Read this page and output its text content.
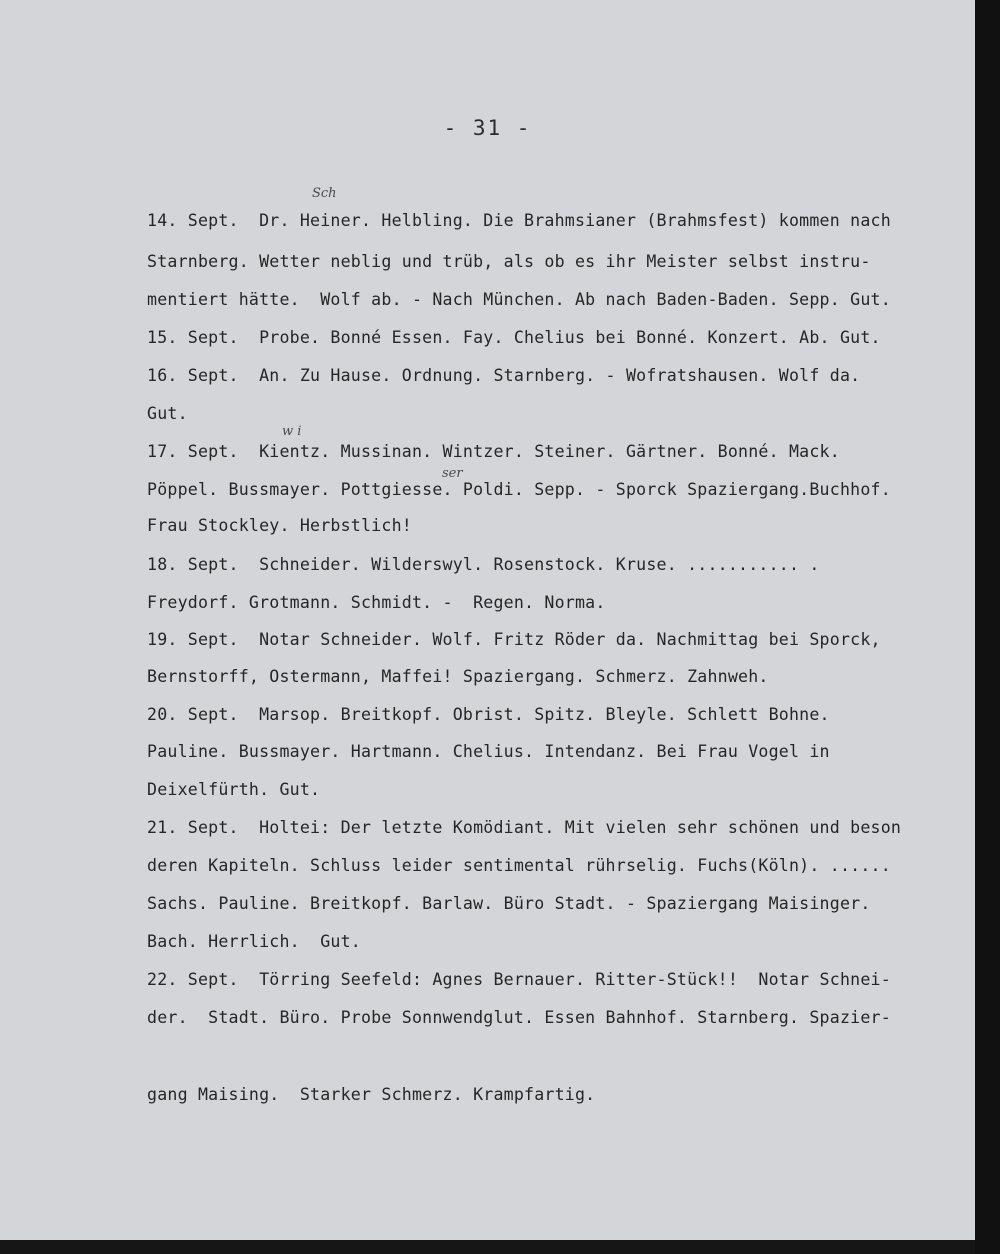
- 31 -
Sch
w i
ser
14. Sept.  Dr. Heiner. Helbling. Die Brahmsianer (Brahmsfest) kommen nach
Starnberg. Wetter neblig und trüb, als ob es ihr Meister selbst instru-
mentiert hätte.  Wolf ab. - Nach München. Ab nach Baden-Baden. Sepp. Gut.
15. Sept.  Probe. Bonné Essen. Fay. Chelius bei Bonné. Konzert. Ab. Gut.
16. Sept.  An. Zu Hause. Ordnung. Starnberg. - Wofratshausen. Wolf da.
Gut.
17. Sept.  Kientz. Mussinan. Wintzer. Steiner. Gärtner. Bonné. Mack.
Pöppel. Bussmayer. Pottgiesse. Poldi. Sepp. - Sporck Spaziergang.Buchhof.
Frau Stockley. Herbstlich!
18. Sept.  Schneider. Wilderswyl. Rosenstock. Kruse. ........... .
Freydorf. Grotmann. Schmidt. -  Regen. Norma.
19. Sept.  Notar Schneider. Wolf. Fritz Röder da. Nachmittag bei Sporck,
Bernstorff, Ostermann, Maffei! Spaziergang. Schmerz. Zahnweh.
20. Sept.  Marsop. Breitkopf. Obrist. Spitz. Bleyle. Schlett Bohne.
Pauline. Bussmayer. Hartmann. Chelius. Intendanz. Bei Frau Vogel in
Deixelfürth. Gut.
21. Sept.  Holtei: Der letzte Komödiant. Mit vielen sehr schönen und beson
deren Kapiteln. Schluss leider sentimental rührselig. Fuchs(Köln). ......
Sachs. Pauline. Breitkopf. Barlaw. Büro Stadt. - Spaziergang Maisinger.
Bach. Herrlich.  Gut.
22. Sept.  Törring Seefeld: Agnes Bernauer. Ritter-Stück!!  Notar Schnei-
der.  Stadt. Büro. Probe Sonnwendglut. Essen Bahnhof. Starnberg. Spazier-
gang Maising.  Starker Schmerz. Krampfartig.
